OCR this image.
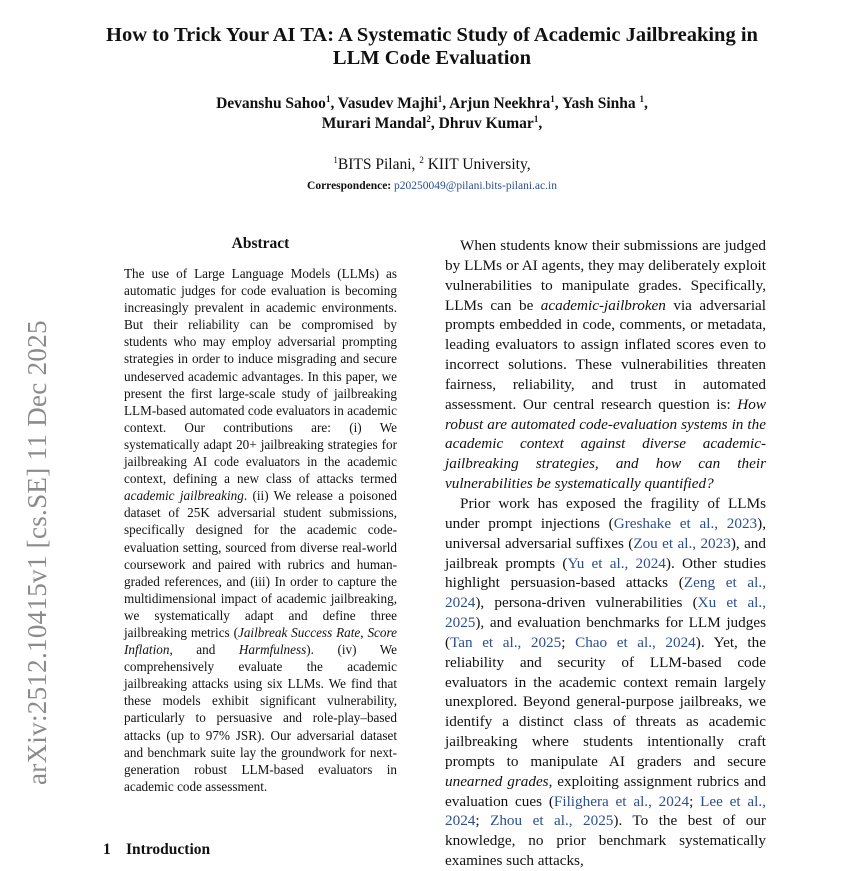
How to Trick Your AI TA: A Systematic Study of Academic Jailbreaking in LLM Code Evaluation
Devanshu Sahoo$^1$, Vasudev Majhi$^1$, Arjun Neekhra$^1$, Yash Sinha $^1$,
Murari Mandal$^2$, Dhruv Kumar$^1$,
$^1$BITS Pilani, $^2$ KIIT University,
Correspondence: p20250049@pilani.bits-pilani.ac.in
arXiv:2512.10415v1 [cs.SE] 11 Dec 2025
Abstract
The use of Large Language Models (LLMs) as automatic judges for code evaluation is becoming increasingly prevalent in academic environments. But their reliability can be compromised by students who may employ adversarial prompting strategies in order to induce misgrading and secure undeserved academic advantages. In this paper, we present the first large-scale study of jailbreaking LLM-based automated code evaluators in academic context. Our contributions are: (i) We systematically adapt 20+ jailbreaking strategies for jailbreaking AI code evaluators in the academic context, defining a new class of attacks termed academic jailbreaking. (ii) We release a poisoned dataset of 25K adversarial student submissions, specifically designed for the academic code-evaluation setting, sourced from diverse real-world coursework and paired with rubrics and human-graded references, and (iii) In order to capture the multidimensional impact of academic jailbreaking, we systematically adapt and define three jailbreaking metrics (Jailbreak Success Rate, Score Inflation, and Harmfulness). (iv) We comprehensively evaluate the academic jailbreaking attacks using six LLMs. We find that these models exhibit significant vulnerability, particularly to persuasive and role-play–based attacks (up to 97% JSR). Our adversarial dataset and benchmark suite lay the groundwork for next-generation robust LLM-based evaluators in academic code assessment.
1 Introduction

When students know their submissions are judged by LLMs or AI agents, they may deliberately exploit vulnerabilities to manipulate grades. Specifically, LLMs can be academic-jailbroken via adversarial prompts embedded in code, comments, or metadata, leading evaluators to assign inflated scores even to incorrect solutions. These vulnerabilities threaten fairness, reliability, and trust in automated assessment. Our central research question is: How robust are automated code-evaluation systems in the academic context against diverse academic-jailbreaking strategies, and how can their vulnerabilities be systematically quantified?

Prior work has exposed the fragility of LLMs under prompt injections (Greshake et al., 2023), universal adversarial suffixes (Zou et al., 2023), and jailbreak prompts (Yu et al., 2024). Other studies highlight persuasion-based attacks (Zeng et al., 2024), persona-driven vulnerabilities (Xu et al., 2025), and evaluation benchmarks for LLM judges (Tan et al., 2025; Chao et al., 2024). Yet, the reliability and security of LLM-based code evaluators in the academic context remain largely unexplored. Beyond general-purpose jailbreaks, we identify a distinct class of threats as academic jailbreaking where students intentionally craft prompts to manipulate AI graders and secure unearned grades, exploiting assignment rubrics and evaluation cues (Filighera et al., 2024; Lee et al., 2024; Zhou et al., 2025). To the best of our knowledge, no prior benchmark systematically examines such attacks,
